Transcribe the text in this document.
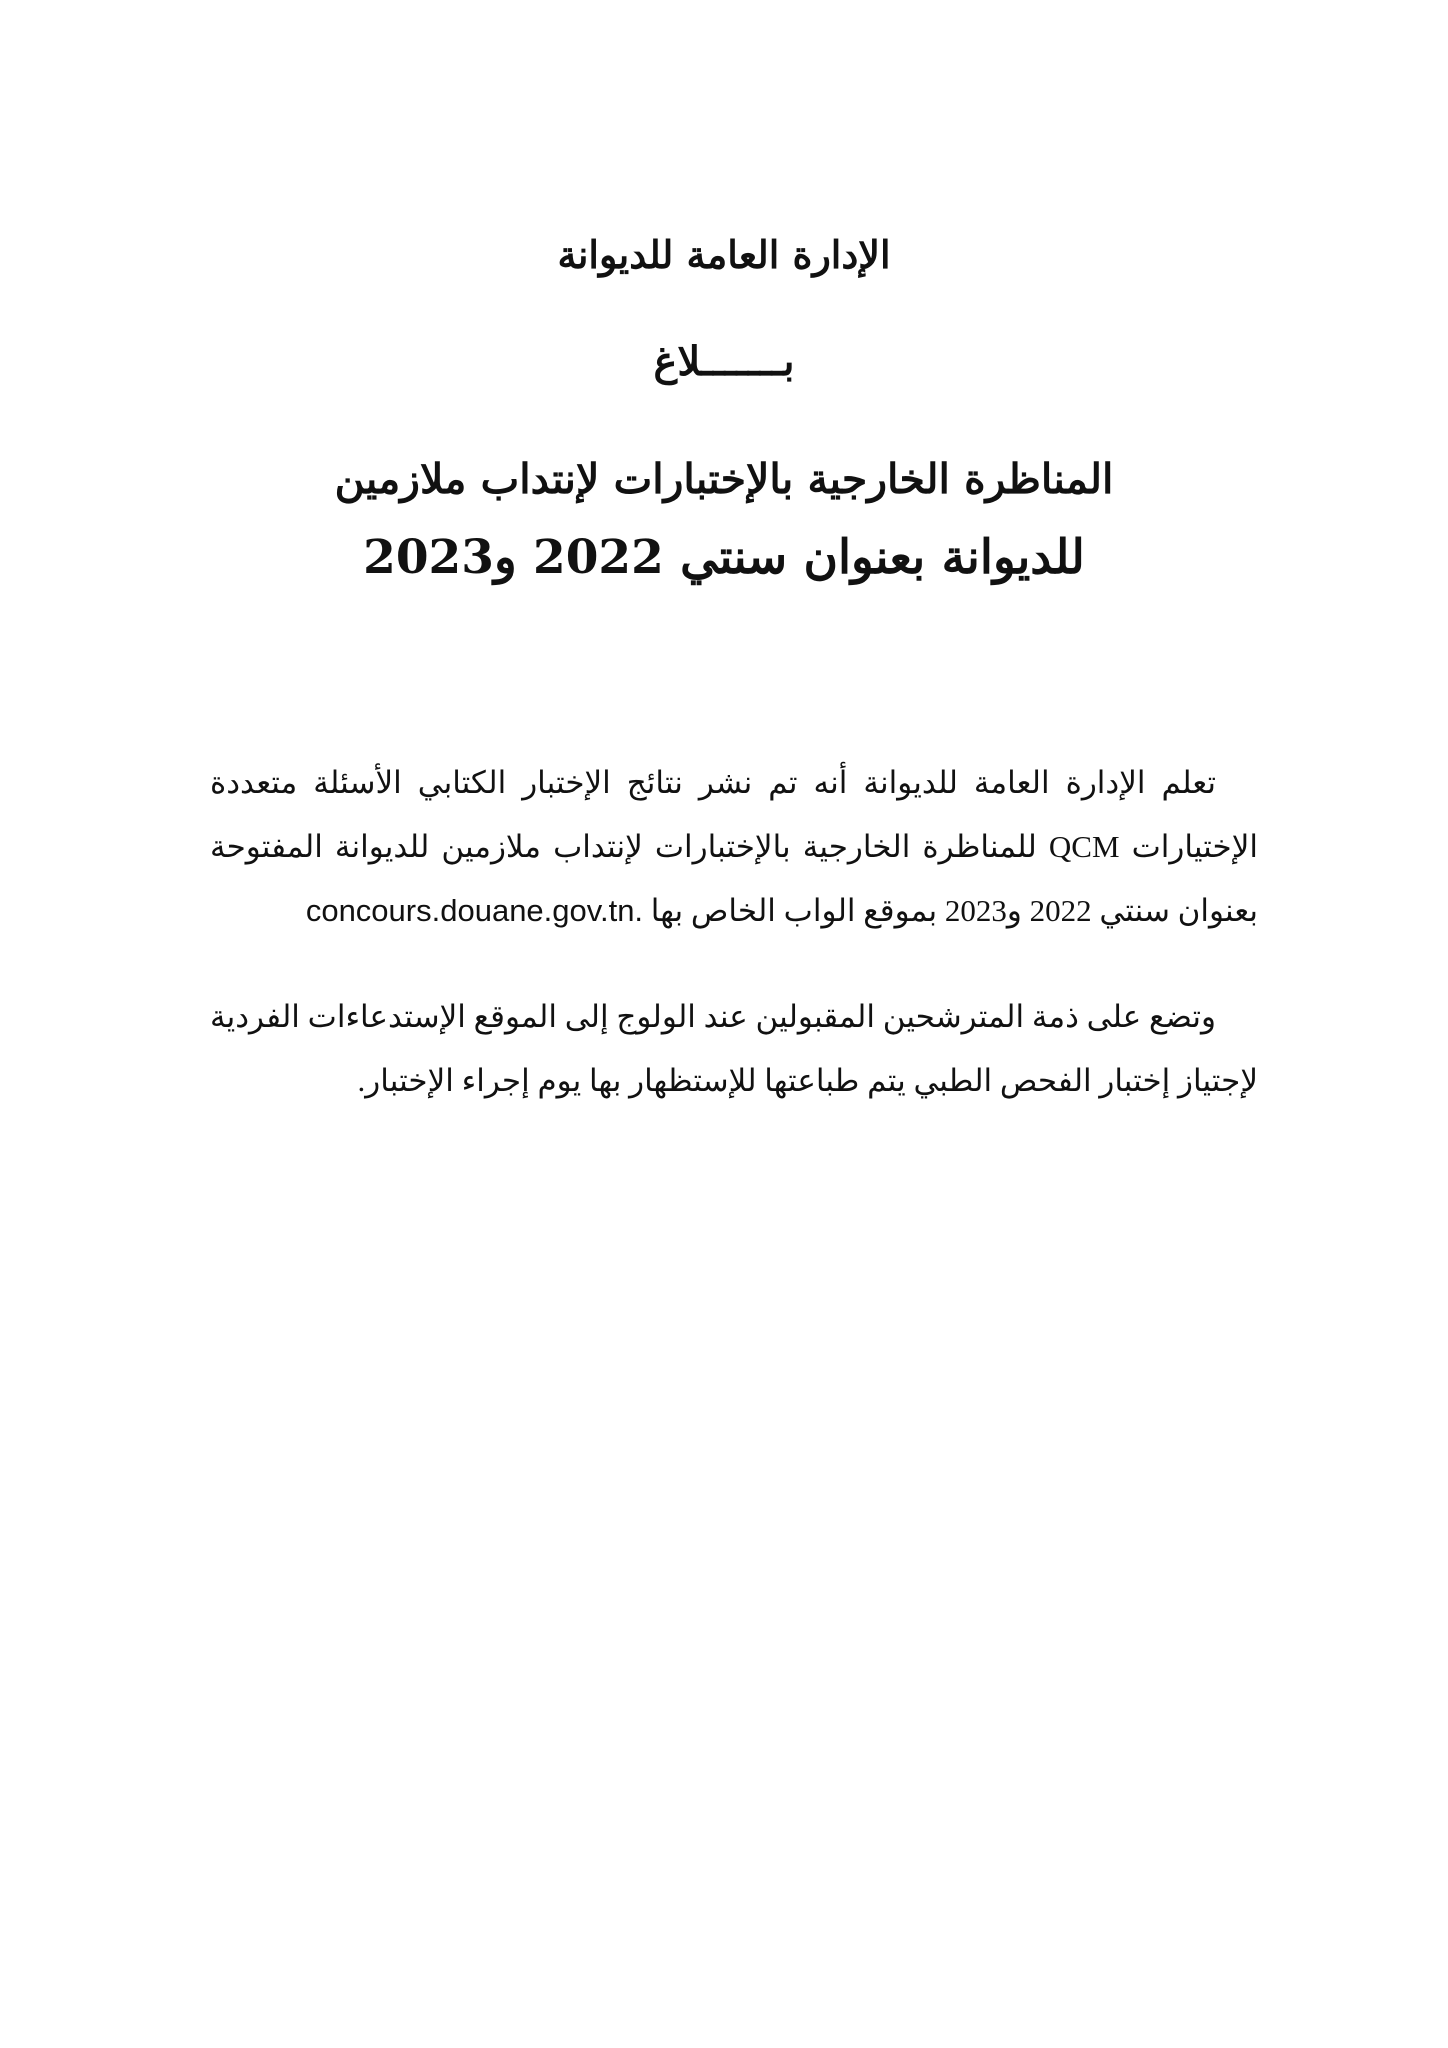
الإدارة العامة للديوانة
بـــــــلاغ
المناظرة الخارجية بالإختبارات لإنتداب ملازمين
للديوانة بعنوان سنتي 2022 و2023
تعلم الإدارة العامة للديوانة أنه تم نشر نتائج الإختبار الكتابي الأسئلة متعددة
الإختيارات QCM للمناظرة الخارجية بالإختبارات لإنتداب ملازمين للديوانة المفتوحة
بعنوان سنتي 2022 و2023 بموقع الواب الخاص بها concours.douane.gov.tn.
وتضع على ذمة المترشحين المقبولين عند الولوج إلى الموقع الإستدعاءات الفردية
لإجتياز إختبار الفحص الطبي يتم طباعتها للإستظهار بها يوم إجراء الإختبار.
